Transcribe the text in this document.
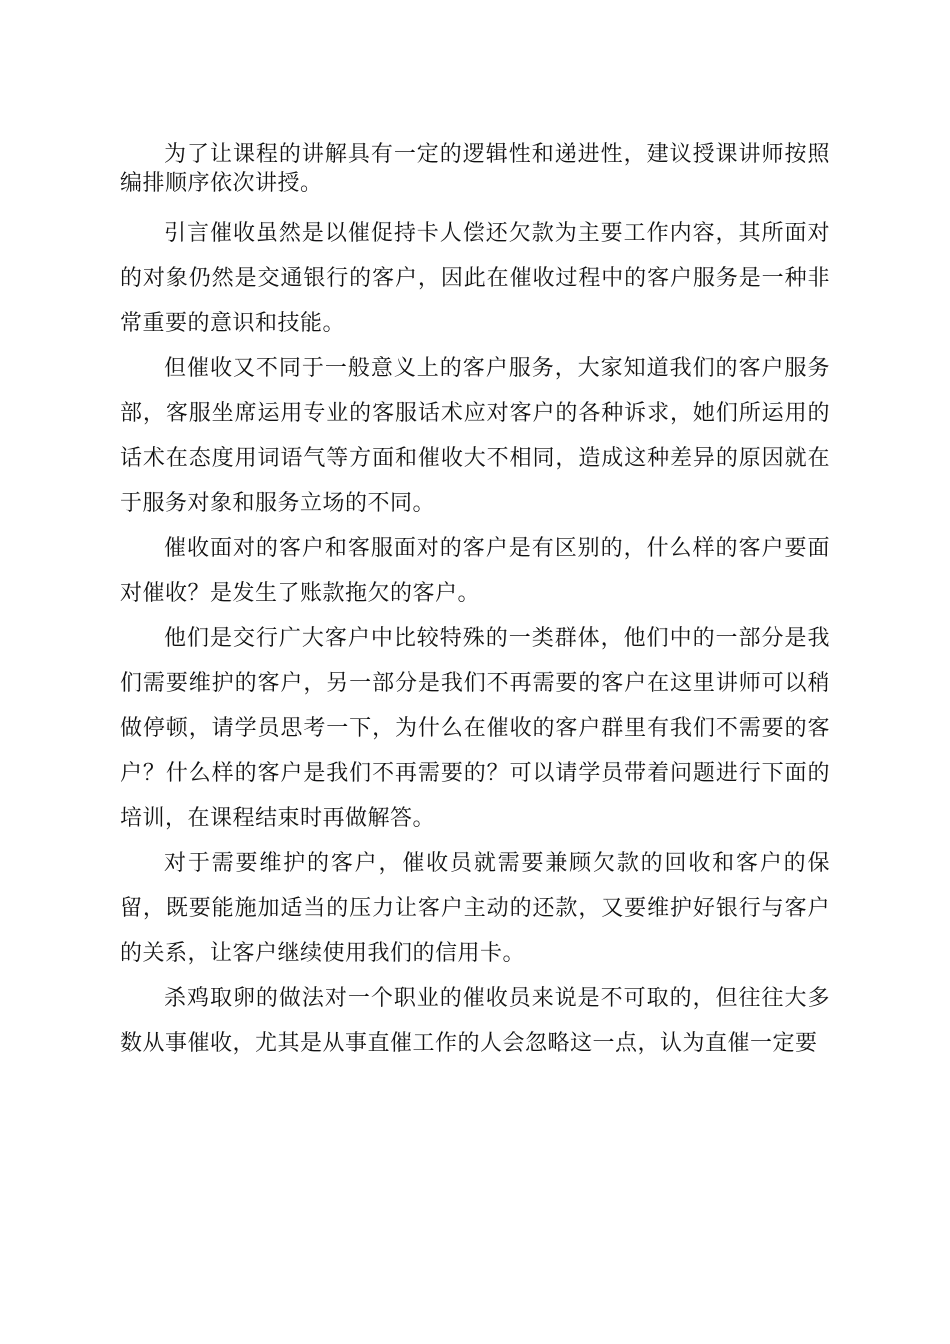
为了让课程的讲解具有一定的逻辑性和递进性，建议授课讲师按照编排顺序依次讲授。

引言催收虽然是以催促持卡人偿还欠款为主要工作内容，其所面对的对象仍然是交通银行的客户，因此在催收过程中的客户服务是一种非常重要的意识和技能。

但催收又不同于一般意义上的客户服务，大家知道我们的客户服务部，客服坐席运用专业的客服话术应对客户的各种诉求，她们所运用的话术在态度用词语气等方面和催收大不相同，造成这种差异的原因就在于服务对象和服务立场的不同。

催收面对的客户和客服面对的客户是有区别的，什么样的客户要面对催收？是发生了账款拖欠的客户。

他们是交行广大客户中比较特殊的一类群体，他们中的一部分是我们需要维护的客户，另一部分是我们不再需要的客户在这里讲师可以稍做停顿，请学员思考一下，为什么在催收的客户群里有我们不需要的客户？什么样的客户是我们不再需要的？可以请学员带着问题进行下面的培训，在课程结束时再做解答。

对于需要维护的客户，催收员就需要兼顾欠款的回收和客户的保留，既要能施加适当的压力让客户主动的还款，又要维护好银行与客户的关系，让客户继续使用我们的信用卡。

杀鸡取卵的做法对一个职业的催收员来说是不可取的，但往往大多数从事催收，尤其是从事直催工作的人会忽略这一点，认为直催一定要
